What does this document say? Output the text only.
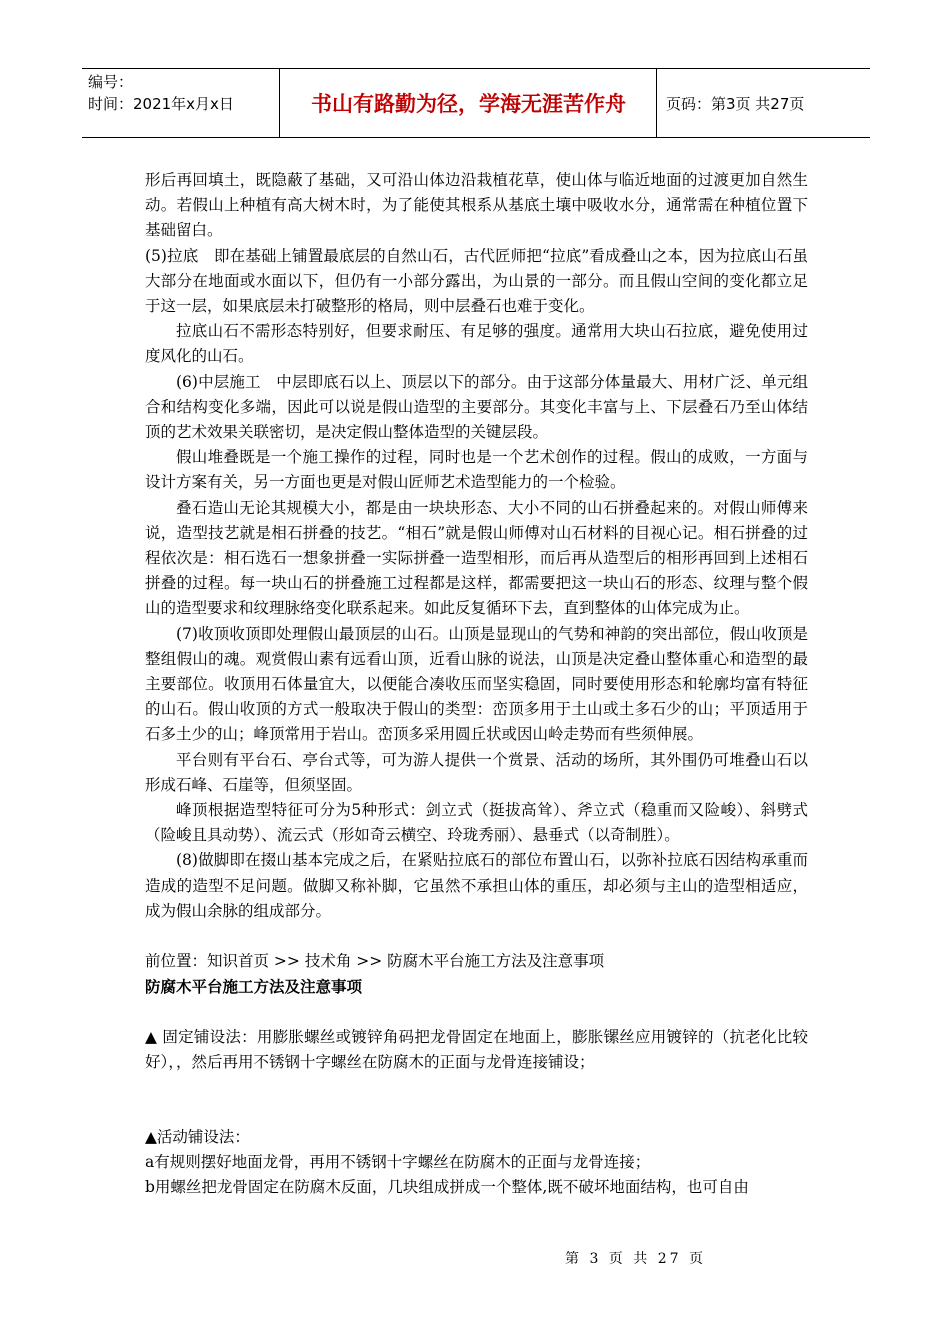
编号：
时间：2021年x月x日	书山有路勤为径，学海无涯苦作舟	页码：第3页 共27页

形后再回填土，既隐蔽了基础，又可沿山体边沿栽植花草，使山体与临近地面的过渡更加自然生动。若假山上种植有高大树木时，为了能使其根系从基底土壤中吸收水分，通常需在种植位置下基础留白。

(5)拉底　即在基础上铺置最底层的自然山石，古代匠师把“拉底”看成叠山之本，因为拉底山石虽大部分在地面或水面以下，但仍有一小部分露出，为山景的一部分。而且假山空间的变化都立足于这一层，如果底层未打破整形的格局，则中层叠石也难于变化。

拉底山石不需形态特别好，但要求耐压、有足够的强度。通常用大块山石拉底，避免使用过度风化的山石。

(6)中层施工　中层即底石以上、顶层以下的部分。由于这部分体量最大、用材广泛、单元组合和结构变化多端，因此可以说是假山造型的主要部分。其变化丰富与上、下层叠石乃至山体结顶的艺术效果关联密切，是决定假山整体造型的关键层段。

假山堆叠既是一个施工操作的过程，同时也是一个艺术创作的过程。假山的成败，一方面与设计方案有关，另一方面也更是对假山匠师艺术造型能力的一个检验。

叠石造山无论其规模大小，都是由一块块形态、大小不同的山石拼叠起来的。对假山师傅来说，造型技艺就是相石拼叠的技艺。“相石”就是假山师傅对山石材料的目视心记。相石拼叠的过程依次是：相石选石一想象拼叠一实际拼叠一造型相形，而后再从造型后的相形再回到上述相石拼叠的过程。每一块山石的拼叠施工过程都是这样，都需要把这一块山石的形态、纹理与整个假山的造型要求和纹理脉络变化联系起来。如此反复循环下去，直到整体的山体完成为止。

(7)收顶收顶即处理假山最顶层的山石。山顶是显现山的气势和神韵的突出部位，假山收顶是整组假山的魂。观赏假山素有远看山顶，近看山脉的说法，山顶是决定叠山整体重心和造型的最主要部位。收顶用石体量宜大，以便能合凑收压而坚实稳固，同时要使用形态和轮廓均富有特征的山石。假山收顶的方式一般取决于假山的类型：峦顶多用于土山或土多石少的山；平顶适用于石多土少的山；峰顶常用于岩山。峦顶多采用圆丘状或因山岭走势而有些须伸展。

平台则有平台石、亭台式等，可为游人提供一个赏景、活动的场所，其外围仍可堆叠山石以形成石峰、石崖等，但须坚固。

峰顶根据造型特征可分为5种形式：剑立式（挺拔高耸）、斧立式（稳重而又险峻）、斜劈式（险峻且具动势）、流云式（形如奇云横空、玲珑秀丽）、悬垂式（以奇制胜）。

(8)做脚即在掇山基本完成之后，在紧贴拉底石的部位布置山石，以弥补拉底石因结构承重而造成的造型不足问题。做脚又称补脚，它虽然不承担山体的重压，却必须与主山的造型相适应，成为假山余脉的组成部分。

前位置：知识首页 >> 技术角 >> 防腐木平台施工方法及注意事项

防腐木平台施工方法及注意事项

▲ 固定铺设法：用膨胀螺丝或镀锌角码把龙骨固定在地面上，膨胀镙丝应用镀锌的（抗老化比较好），，然后再用不锈钢十字螺丝在防腐木的正面与龙骨连接铺设；

▲活动铺设法：

a有规则摆好地面龙骨，再用不锈钢十字螺丝在防腐木的正面与龙骨连接；

b用螺丝把龙骨固定在防腐木反面，几块组成拼成一个整体,既不破坏地面结构，也可自由

第 3 页 共 27 页
